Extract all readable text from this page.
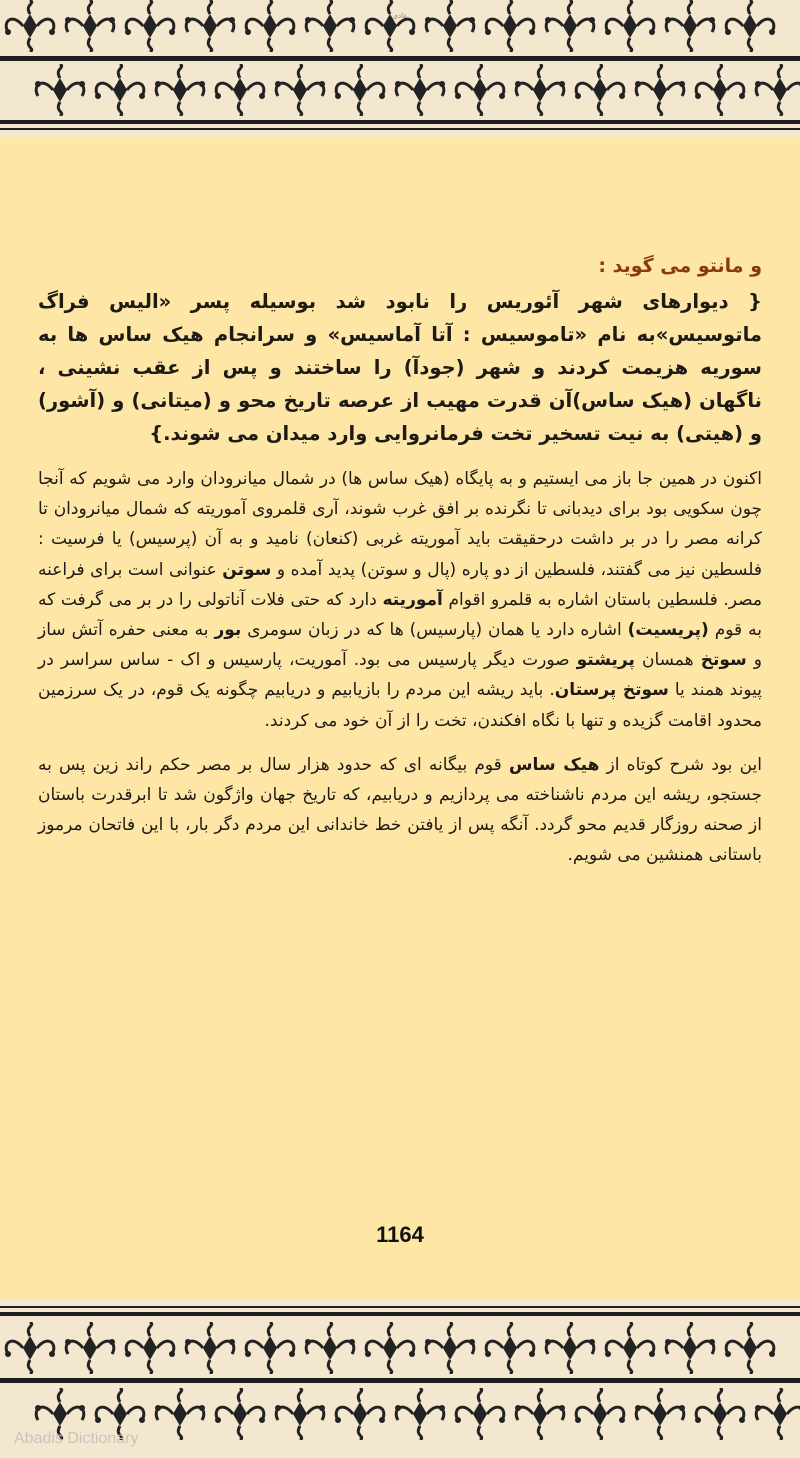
عادی

و مانتو می گوید :

{ دیوارهای شهر آئوریس را نابود شد بوسیله پسر «الیس فراگ ماتوسیس»به نام «تاموسیس : آتا آماسیس» و سرانجام هیک ساس ها به سوریه هزیمت کردند و شهر (جودآ) را ساختند و پس از عقب نشینی ، ناگهان (هیک ساس)آن قدرت مهیب از عرصه تاریخ محو و (میتانی) و (آشور) و (هیتی) به نیت تسخیر تخت فرمانروایی وارد میدان می شوند.}

اکنون در همین جا باز می ایستیم و به پایگاه (هیک ساس ها) در شمال میانرودان وارد می شویم که آنجا چون سکویی بود برای دیدبانی تا نگرنده بر افق غرب شوند، آری قلمروی آموریته که شمال میانرودان تا کرانه مصر را در بر داشت درحقیقت باید آموریته غربی (کنعان) نامید و به آن (پرسیس) یا فرسیت : فلسطین نیز می گفتند، فلسطین از دو پاره (پال و سوتن) پدید آمده و سوتن عنوانی است برای فراعنه مصر. فلسطین باستان اشاره به قلمرو اقوام آموریته دارد که حتی فلات آناتولی را در بر می گرفت که به قوم (پریسیت) اشاره دارد یا همان (پارسیس) ها که در زبان سومری بور به معنی حفره آتش ساز و سوتخ همسان پریشتو صورت دیگر پارسیس می بود. آموریت، پارسیس و اک - ساس سراسر در پیوند همند یا سوتخ پرستان. باید ریشه این مردم را بازیابیم و دریابیم چگونه یک قوم، در یک سرزمین محدود اقامت گزیده و تنها با نگاه افکندن، تخت را از آن خود می کردند.

این بود شرح کوتاه از هیک ساس قوم بیگانه ای که حدود هزار سال بر مصر حکم راند زین پس به جستجو، ریشه این مردم ناشناخته می پردازیم و دریابیم، که تاریخ جهان واژگون شد تا ابرقدرت باستان از صحنه روزگار قدیم محو گردد. آنگه پس از یافتن خط خاندانی این مردم دگر بار، با این فاتحان مرموز باستانی همنشین می شویم.

1164
Abadis Dictionary
